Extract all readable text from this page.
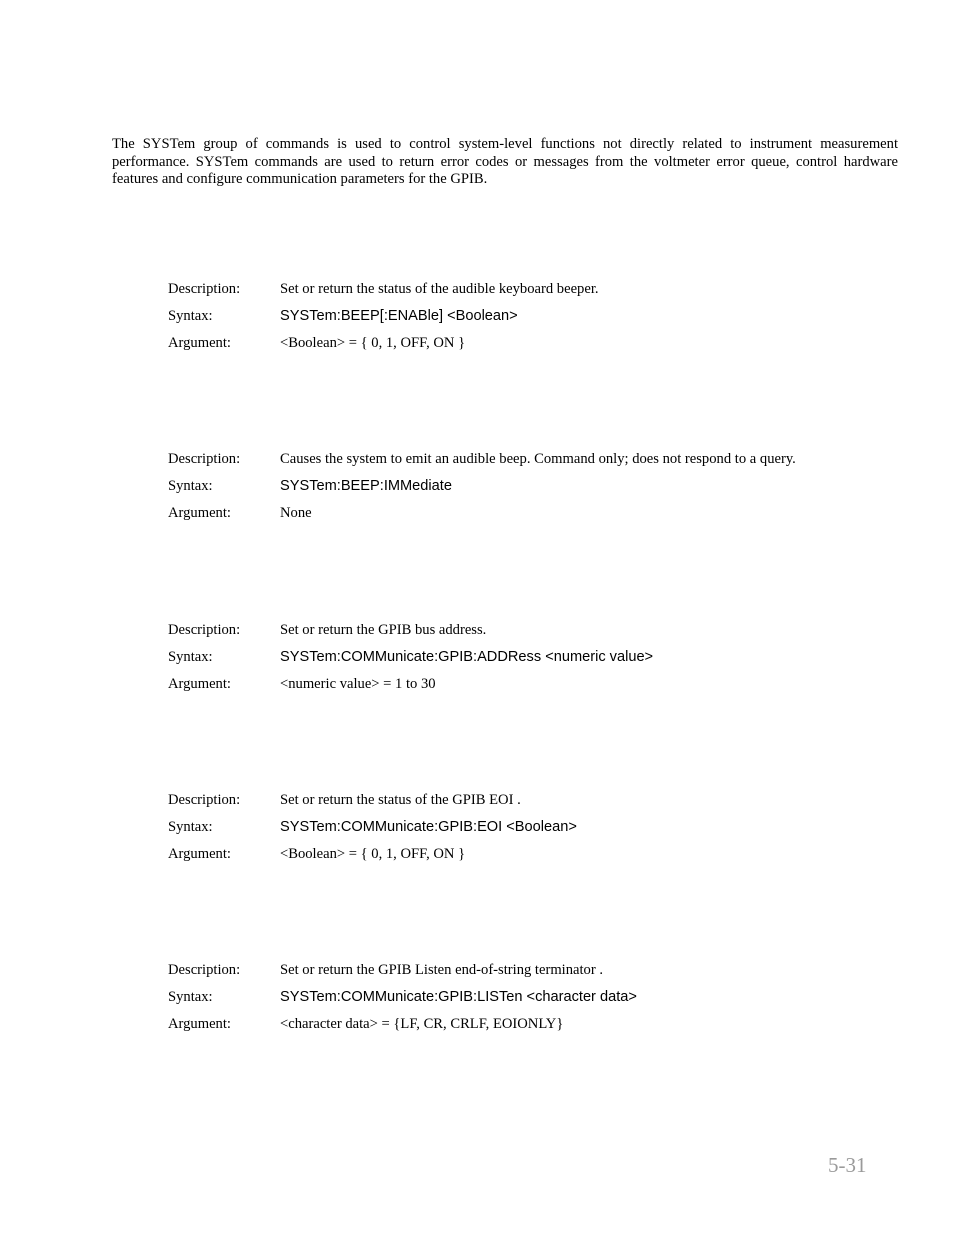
The SYSTem group of commands is used to control system-level functions not directly related to instrument measurement performance. SYSTem commands are used to return error codes or messages from the voltmeter error queue, control hardware features and configure communication parameters for the GPIB.

Description:	Set or return the status of the audible keyboard beeper.
Syntax:	SYSTem:BEEP[:ENABle] <Boolean>
Argument:	<Boolean> = { 0, 1, OFF, ON }
Description:	Causes the system to emit an audible beep. Command only; does not respond to a query.
Syntax:	SYSTem:BEEP:IMMediate
Argument:	None
Description:	Set or return the GPIB bus address.
Syntax:	SYSTem:COMMunicate:GPIB:ADDRess <numeric value>
Argument:	<numeric value> = 1 to 30
Description:	Set or return the status of the GPIB EOI .
Syntax:	SYSTem:COMMunicate:GPIB:EOI <Boolean>
Argument:	<Boolean> = { 0, 1, OFF, ON }
Description:	Set or return the GPIB Listen end-of-string terminator .
Syntax:	SYSTem:COMMunicate:GPIB:LISTen <character data>
Argument:	<character data> = {LF, CR, CRLF, EOIONLY}
5-31
